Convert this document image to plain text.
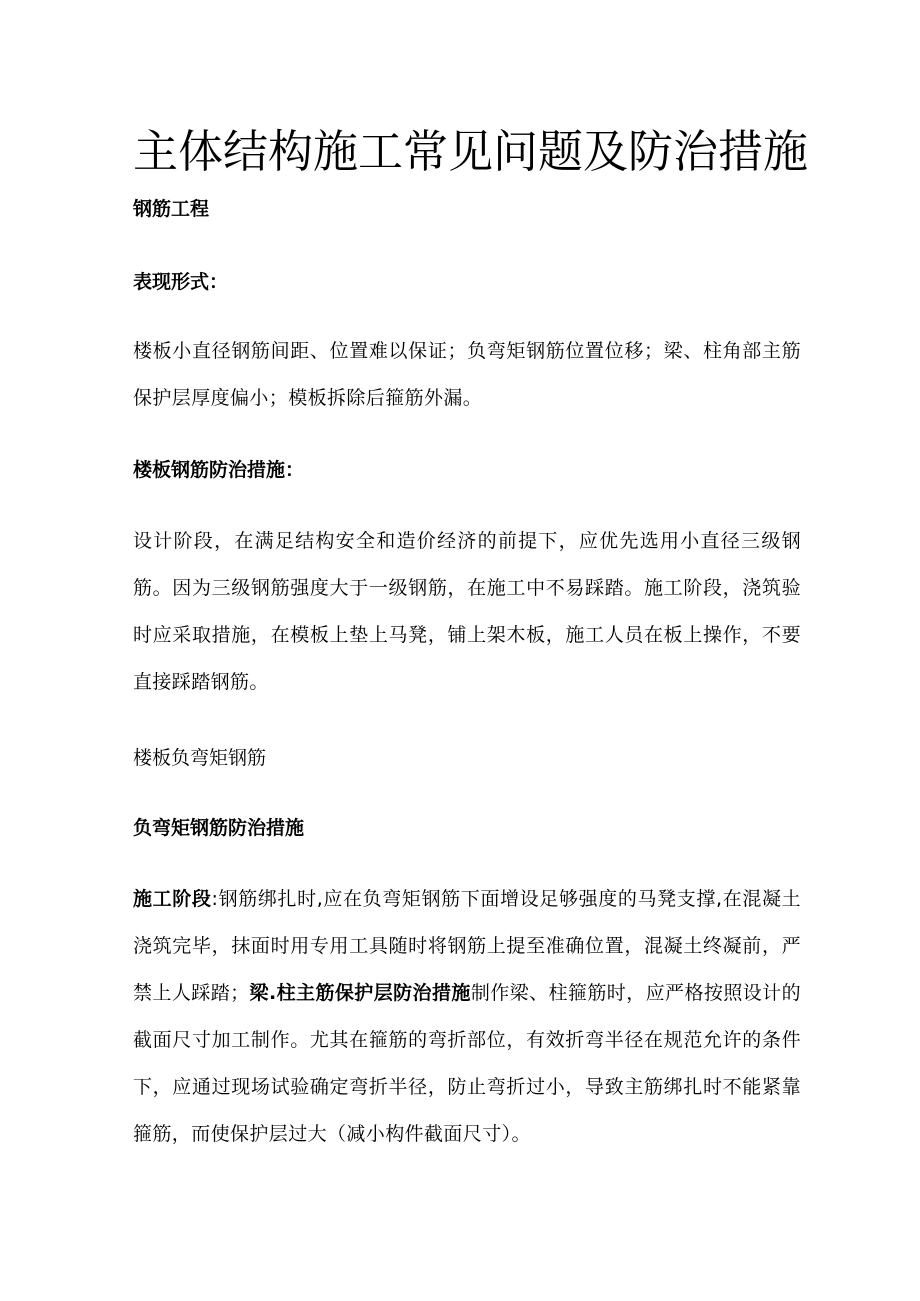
主体结构施工常见问题及防治措施

钢筋工程

表现形式：

楼板小直径钢筋间距、位置难以保证；负弯矩钢筋位置位移；梁、柱角部主筋保护层厚度偏小；模板拆除后箍筋外漏。

楼板钢筋防治措施：

设计阶段，在满足结构安全和造价经济的前提下，应优先选用小直径三级钢筋。因为三级钢筋强度大于一级钢筋，在施工中不易踩踏。施工阶段，浇筑验时应采取措施，在模板上垫上马凳，铺上架木板，施工人员在板上操作，不要直接踩踏钢筋。

楼板负弯矩钢筋

负弯矩钢筋防治措施

施工阶段:钢筋绑扎时,应在负弯矩钢筋下面增设足够强度的马凳支撑,在混凝土浇筑完毕，抹面时用专用工具随时将钢筋上提至准确位置，混凝土终凝前，严禁上人踩踏；梁.柱主筋保护层防治措施制作梁、柱箍筋时，应严格按照设计的截面尺寸加工制作。尤其在箍筋的弯折部位，有效折弯半径在规范允许的条件下，应通过现场试验确定弯折半径，防止弯折过小，导致主筋绑扎时不能紧靠箍筋，而使保护层过大（减小构件截面尺寸）。
